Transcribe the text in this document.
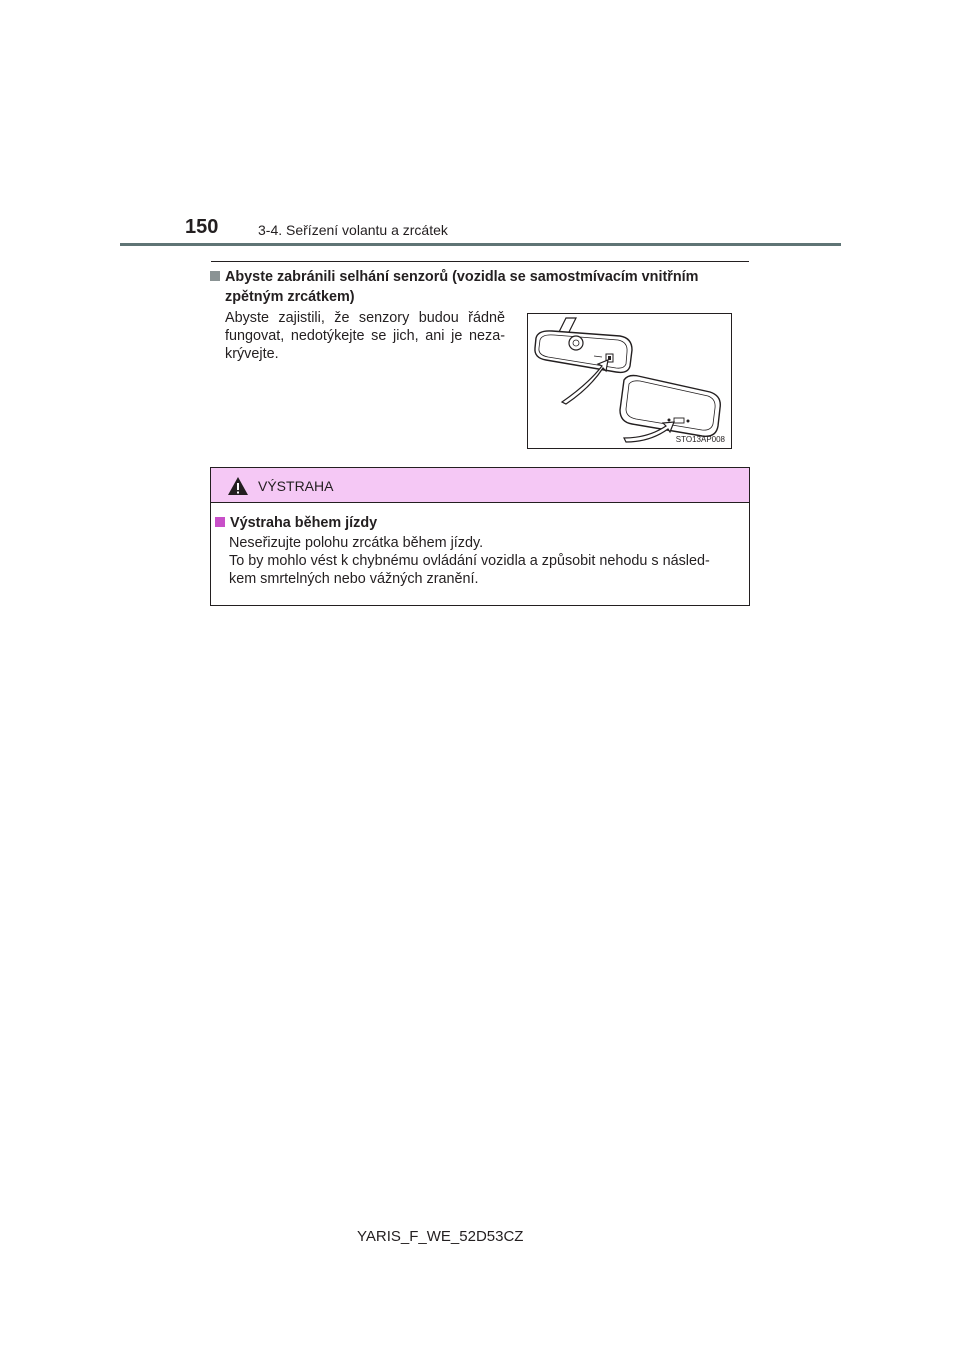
150	3-4. Seřízení volantu a zrcátek
Abyste zabránili selhání senzorů (vozidla se samostmívacím vnitřním
zpětným zrcátkem)
Abyste zajistili, že senzory budou řádně fungovat, nedotýkejte se jich, ani je neza-krývejte.
STO13AP008
VÝSTRAHA
Výstraha během jízdy
Neseřizujte polohu zrcátka během jízdy.
To by mohlo vést k chybnému ovládání vozidla a způsobit nehodu s násled-
kem smrtelných nebo vážných zranění.
YARIS_F_WE_52D53CZ
